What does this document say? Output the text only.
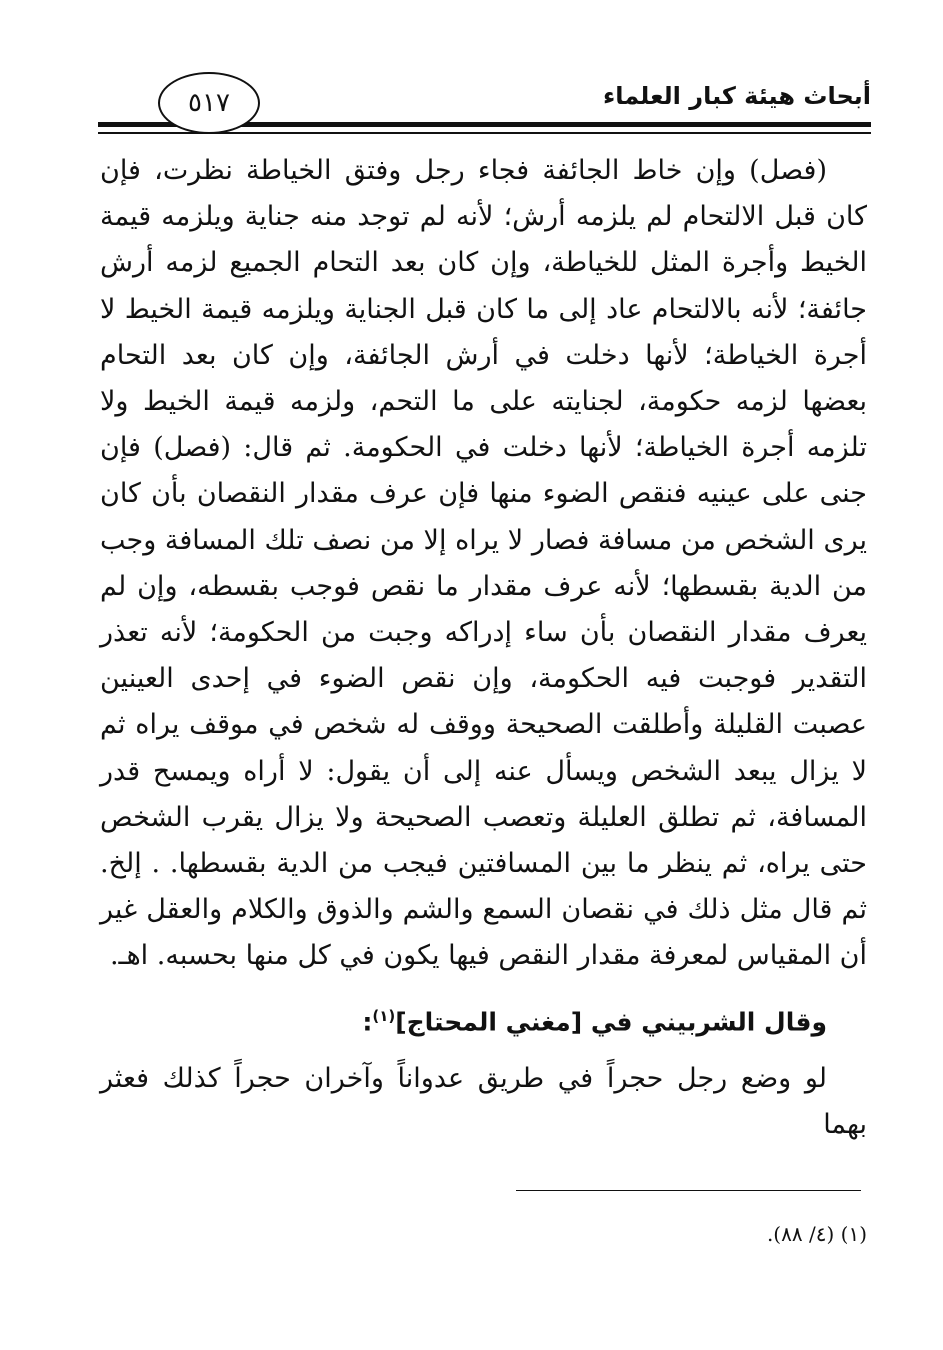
أبحاث هيئة كبار العلماء
٥١٧

(فصل) وإن خاط الجائفة فجاء رجل وفتق الخياطة نظرت، فإن كان قبل الالتحام لم يلزمه أرش؛ لأنه لم توجد منه جناية ويلزمه قيمة الخيط وأجرة المثل للخياطة، وإن كان بعد التحام الجميع لزمه أرش جائفة؛ لأنه بالالتحام عاد إلى ما كان قبل الجناية ويلزمه قيمة الخيط لا أجرة الخياطة؛ لأنها دخلت في أرش الجائفة، وإن كان بعد التحام بعضها لزمه حكومة، لجنايته على ما التحم، ولزمه قيمة الخيط ولا تلزمه أجرة الخياطة؛ لأنها دخلت في الحكومة. ثم قال: (فصل) فإن جنى على عينيه فنقص الضوء منها فإن عرف مقدار النقصان بأن كان يرى الشخص من مسافة فصار لا يراه إلا من نصف تلك المسافة وجب من الدية بقسطها؛ لأنه عرف مقدار ما نقص فوجب بقسطه، وإن لم يعرف مقدار النقصان بأن ساء إدراكه وجبت من الحكومة؛ لأنه تعذر التقدير فوجبت فيه الحكومة، وإن نقص الضوء في إحدى العينين عصبت القليلة وأطلقت الصحيحة ووقف له شخص في موقف يراه ثم لا يزال يبعد الشخص ويسأل عنه إلى أن يقول: لا أراه ويمسح قدر المسافة، ثم تطلق العليلة وتعصب الصحيحة ولا يزال يقرب الشخص حتى يراه، ثم ينظر ما بين المسافتين فيجب من الدية بقسطها. . إلخ. ثم قال مثل ذلك في نقصان السمع والشم والذوق والكلام والعقل غير أن المقياس لمعرفة مقدار النقص فيها يكون في كل منها بحسبه. اهـ.

وقال الشربيني في [مغني المحتاج]$^{(١)}$:

لو وضع رجل حجراً في طريق عدواناً وآخران حجراً كذلك فعثر بهما

(١) (٤/ ٨٨).
